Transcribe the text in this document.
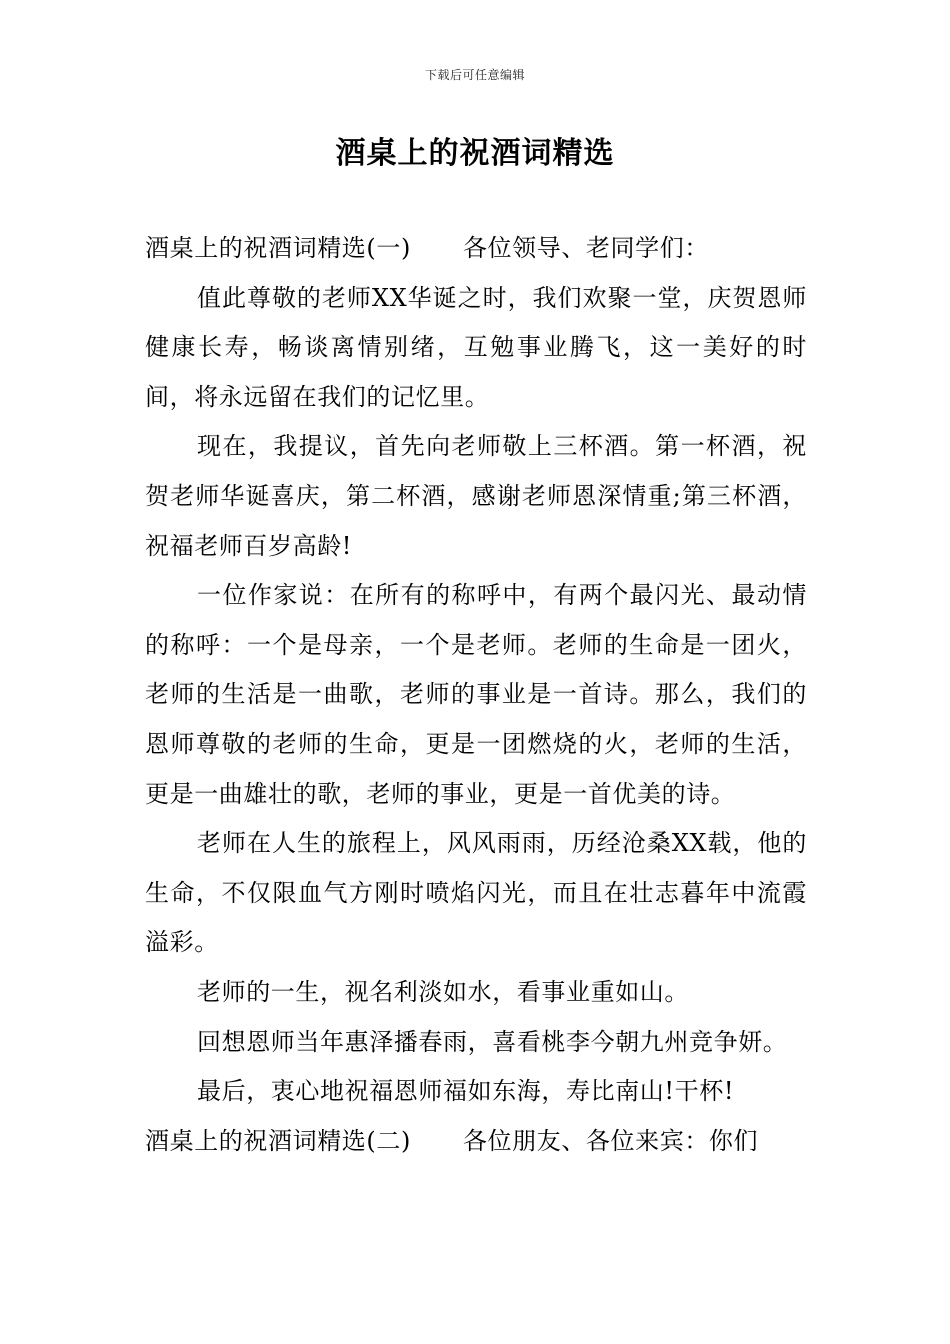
下载后可任意编辑
酒桌上的祝酒词精选

酒桌上的祝酒词精选(一) 各位领导、老同学们：

值此尊敬的老师XX华诞之时，我们欢聚一堂，庆贺恩师健康长寿，畅谈离情别绪，互勉事业腾飞，这一美好的时间，将永远留在我们的记忆里。

现在，我提议，首先向老师敬上三杯酒。第一杯酒，祝贺老师华诞喜庆，第二杯酒，感谢老师恩深情重;第三杯酒，祝福老师百岁高龄!

一位作家说：在所有的称呼中，有两个最闪光、最动情的称呼：一个是母亲，一个是老师。老师的生命是一团火，老师的生活是一曲歌，老师的事业是一首诗。那么，我们的恩师尊敬的老师的生命，更是一团燃烧的火，老师的生活，更是一曲雄壮的歌，老师的事业，更是一首优美的诗。

老师在人生的旅程上，风风雨雨，历经沧桑XX载，他的生命，不仅限血气方刚时喷焰闪光，而且在壮志暮年中流霞溢彩。

老师的一生，视名利淡如水，看事业重如山。

回想恩师当年惠泽播春雨，喜看桃李今朝九州竞争妍。

最后，衷心地祝福恩师福如东海，寿比南山!干杯!

酒桌上的祝酒词精选(二) 各位朋友、各位来宾：你们
